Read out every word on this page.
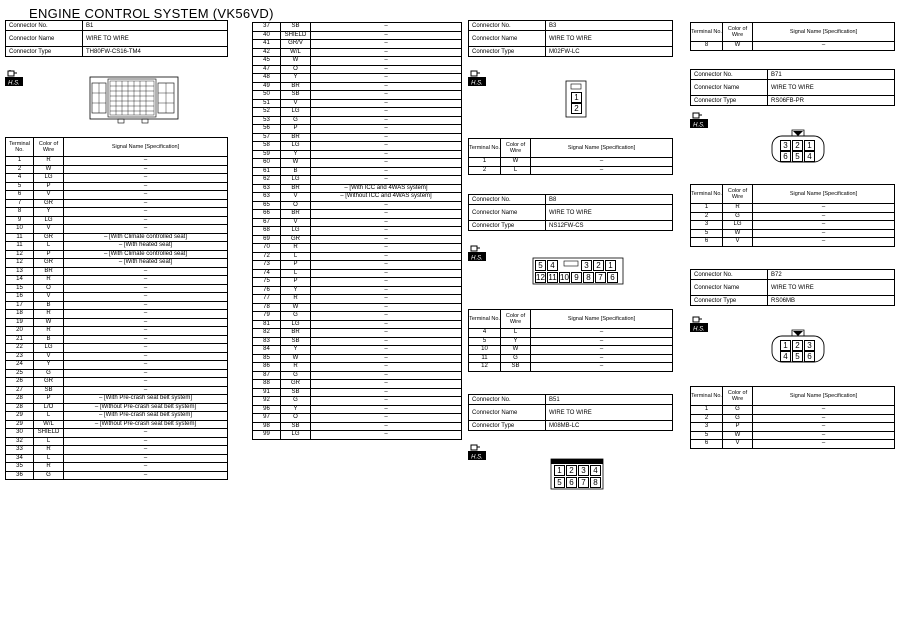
ENGINE CONTROL SYSTEM (VK56VD)
Connector No.	B1
Connector Name	WIRE TO WIRE
Connector Type	TH80FW-CS16-TM4
H.S.
Terminal No.	Color of Wire	Signal Name [Specification]
1	R	–
2	W	–
4	LG	–
5	P	–
6	V	–
7	GR	–
8	Y	–
9	LG	–
10	V	–
11	GR	– [With Climate controlled seat]
11	L	– [With heated seat]
12	P	– [With Climate controlled seat]
12	GR	– [With heated seat]
13	BR	–
14	R	–
15	O	–
16	V	–
17	B	–
18	R	–
19	W	–
20	R	–
21	B	–
22	LG	–
23	V	–
24	Y	–
25	G	–
26	GR	–
27	SB	–
28	P	– [With Pre-crash seat belt system]
28	L/O	– [Without Pre-crash seat belt system]
29	L	– [With Pre-crash seat belt system]
29	W/L	– [Without Pre-crash seat belt system]
30	SHIELD	–
32	L	–
33	R	–
34	L	–
35	R	–
36	G	–
37	SB	–
40	SHIELD	–
41	GR/V	–
42	W/L	–
45	W	–
47	O	–
48	Y	–
49	BR	–
50	SB	–
51	V	–
52	LG	–
53	G	–
56	P	–
57	BR	–
58	LG	–
59	Y	–
60	W	–
61	B	–
62	LG	–
63	BR	– [With ICC and 4WAS system]
63	V	– [Without ICC and 4WAS system]
65	O	–
66	BR	–
67	V	–
68	LG	–
69	GR	–
70	R	–
72	L	–
73	P	–
74	L	–
75	P	–
76	Y	–
77	R	–
78	W	–
79	G	–
81	LG	–
82	BR	–
83	SB	–
84	Y	–
85	W	–
86	R	–
87	G	–
88	GR	–
91	SB	–
92	G	–
96	Y	–
97	O	–
98	SB	–
99	LG	–
Connector No.	B3
Connector Name	WIRE TO WIRE
Connector Type	M02FW-LC
H.S.
1
2
Terminal No.	Color of Wire	Signal Name [Specification]
1	W	–
2	L	–
Connector No.	B8
Connector Name	WIRE TO WIRE
Connector Type	NS12FW-CS
H.S.
5 4	3 2 1
12 11 10 9 8 7 6
Terminal No.	Color of Wire	Signal Name [Specification]
4	L	–
5	Y	–
10	W	–
11	G	–
12	SB	–
Connector No.	B51
Connector Name	WIRE TO WIRE
Connector Type	M08MB-LC
H.S.
1 2 3 4
5 6 7 8
Terminal No.	Color of Wire	Signal Name [Specification]
8	W	–
Connector No.	B71
Connector Name	WIRE TO WIRE
Connector Type	RS06FB-PR
H.S.
3 2 1
6 5 4
Terminal No.	Color of Wire	Signal Name [Specification]
1	R	–
2	G	–
3	LG	–
5	W	–
6	V	–
Connector No.	B72
Connector Name	WIRE TO WIRE
Connector Type	RS06MB
H.S.
1 2 3
4 5 6
Terminal No.	Color of Wire	Signal Name [Specification]
1	G	–
2	G	–
3	P	–
5	W	–
6	V	–
